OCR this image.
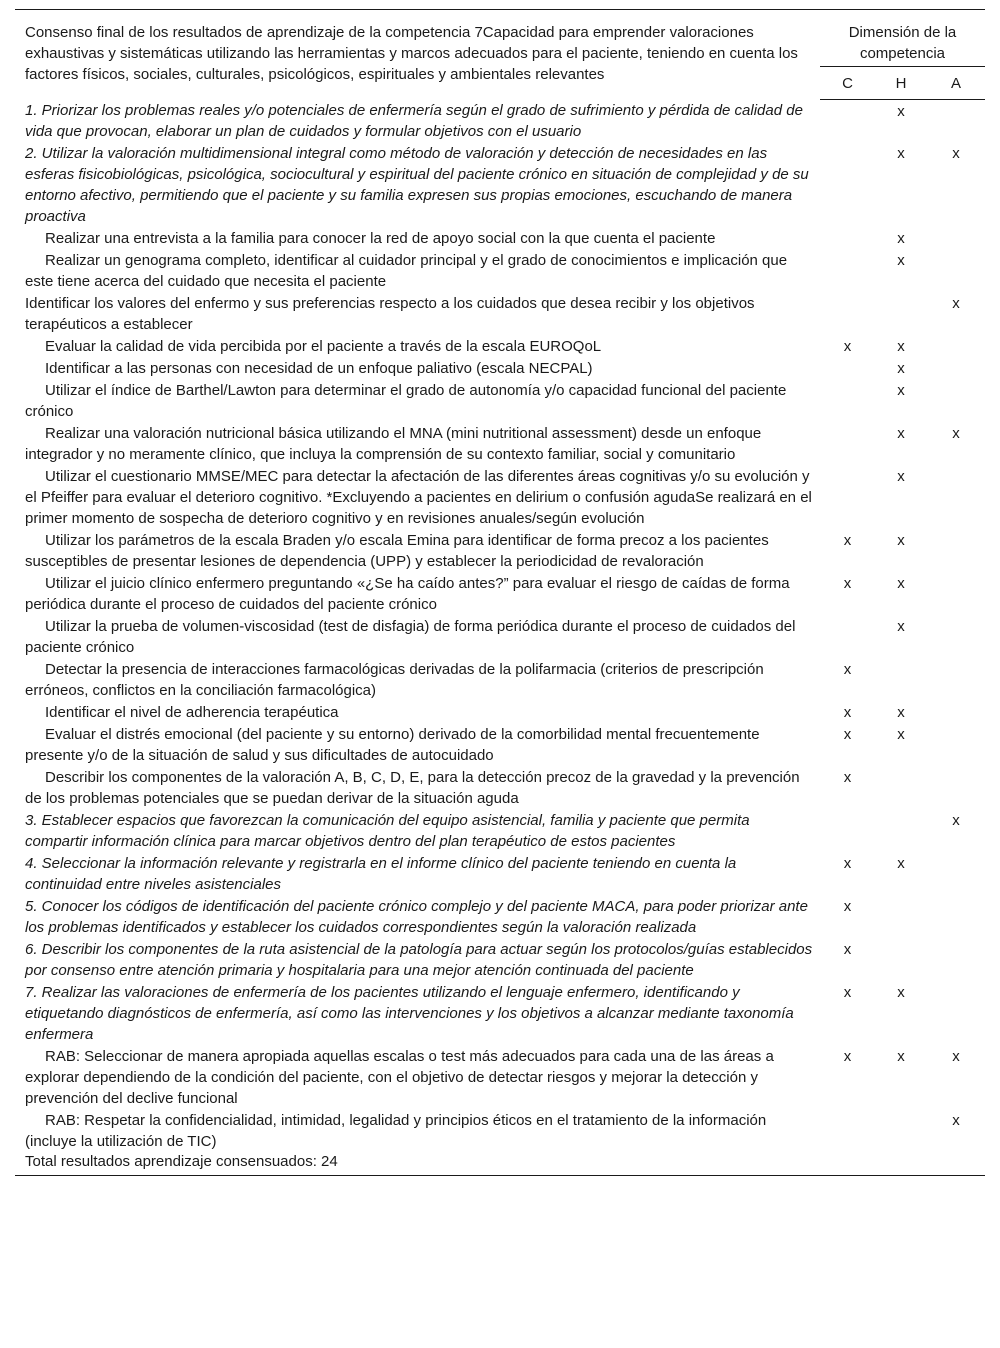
Consenso final de los resultados de aprendizaje de la competencia 7Capacidad para emprender valoraciones exhaustivas y sistemáticas utilizando las herramientas y marcos adecuados para el paciente, teniendo en cuenta los factores físicos, sociales, culturales, psicológicos, espirituales y ambientales relevantes	Dimensión de la competencia		
	C	H	A
1. Priorizar los problemas reales y/o potenciales de enfermería según el grado de sufrimiento y pérdida de calidad de vida que provocan, elaborar un plan de cuidados y formular objetivos con el usuario		x	
2. Utilizar la valoración multidimensional integral como método de valoración y detección de necesidades en las esferas fisicobiológicas, psicológica, sociocultural y espiritual del paciente crónico en situación de complejidad y de su entorno afectivo, permitiendo que el paciente y su familia expresen sus propias emociones, escuchando de manera proactiva		x	x
Realizar una entrevista a la familia para conocer la red de apoyo social con la que cuenta el paciente		x	
Realizar un genograma completo, identificar al cuidador principal y el grado de conocimientos e implicación que este tiene acerca del cuidado que necesita el paciente		x	
Identificar los valores del enfermo y sus preferencias respecto a los cuidados que desea recibir y los objetivos terapéuticos a establecer			x
Evaluar la calidad de vida percibida por el paciente a través de la escala EUROQoL	x	x	
Identificar a las personas con necesidad de un enfoque paliativo (escala NECPAL)		x	
Utilizar el índice de Barthel/Lawton para determinar el grado de autonomía y/o capacidad funcional del paciente crónico		x	
Realizar una valoración nutricional básica utilizando el MNA (mini nutritional assessment) desde un enfoque integrador y no meramente clínico, que incluya la comprensión de su contexto familiar, social y comunitario		x	x
Utilizar el cuestionario MMSE/MEC para detectar la afectación de las diferentes áreas cognitivas y/o su evolución y el Pfeiffer para evaluar el deterioro cognitivo. *Excluyendo a pacientes en delirium o confusión agudaSe realizará en el primer momento de sospecha de deterioro cognitivo y en revisiones anuales/según evolución		x	
Utilizar los parámetros de la escala Braden y/o escala Emina para identificar de forma precoz a los pacientes susceptibles de presentar lesiones de dependencia (UPP) y establecer la periodicidad de revaloración	x	x	
Utilizar el juicio clínico enfermero preguntando «¿Se ha caído antes?” para evaluar el riesgo de caídas de forma periódica durante el proceso de cuidados del paciente crónico	x	x	
Utilizar la prueba de volumen-viscosidad (test de disfagia) de forma periódica durante el proceso de cuidados del paciente crónico		x	
Detectar la presencia de interacciones farmacológicas derivadas de la polifarmacia (criterios de prescripción erróneos, conflictos en la conciliación farmacológica)	x		
Identificar el nivel de adherencia terapéutica	x	x	
Evaluar el distrés emocional (del paciente y su entorno) derivado de la comorbilidad mental frecuentemente presente y/o de la situación de salud y sus dificultades de autocuidado	x	x	
Describir los componentes de la valoración A, B, C, D, E, para la detección precoz de la gravedad y la prevención de los problemas potenciales que se puedan derivar de la situación aguda	x		
3. Establecer espacios que favorezcan la comunicación del equipo asistencial, familia y paciente que permita compartir información clínica para marcar objetivos dentro del plan terapéutico de estos pacientes			x
4. Seleccionar la información relevante y registrarla en el informe clínico del paciente teniendo en cuenta la continuidad entre niveles asistenciales	x	x	
5. Conocer los códigos de identificación del paciente crónico complejo y del paciente MACA, para poder priorizar ante los problemas identificados y establecer los cuidados correspondientes según la valoración realizada	x		
6. Describir los componentes de la ruta asistencial de la patología para actuar según los protocolos/guías establecidos por consenso entre atención primaria y hospitalaria para una mejor atención continuada del paciente	x		
7. Realizar las valoraciones de enfermería de los pacientes utilizando el lenguaje enfermero, identificando y etiquetando diagnósticos de enfermería, así como las intervenciones y los objetivos a alcanzar mediante taxonomía enfermera	x	x	
RAB: Seleccionar de manera apropiada aquellas escalas o test más adecuados para cada una de las áreas a explorar dependiendo de la condición del paciente, con el objetivo de detectar riesgos y mejorar la detección y prevención del declive funcional	x	x	x
RAB: Respetar la confidencialidad, intimidad, legalidad y principios éticos en el tratamiento de la información (incluye la utilización de TIC)			x
Total resultados aprendizaje consensuados: 24			
